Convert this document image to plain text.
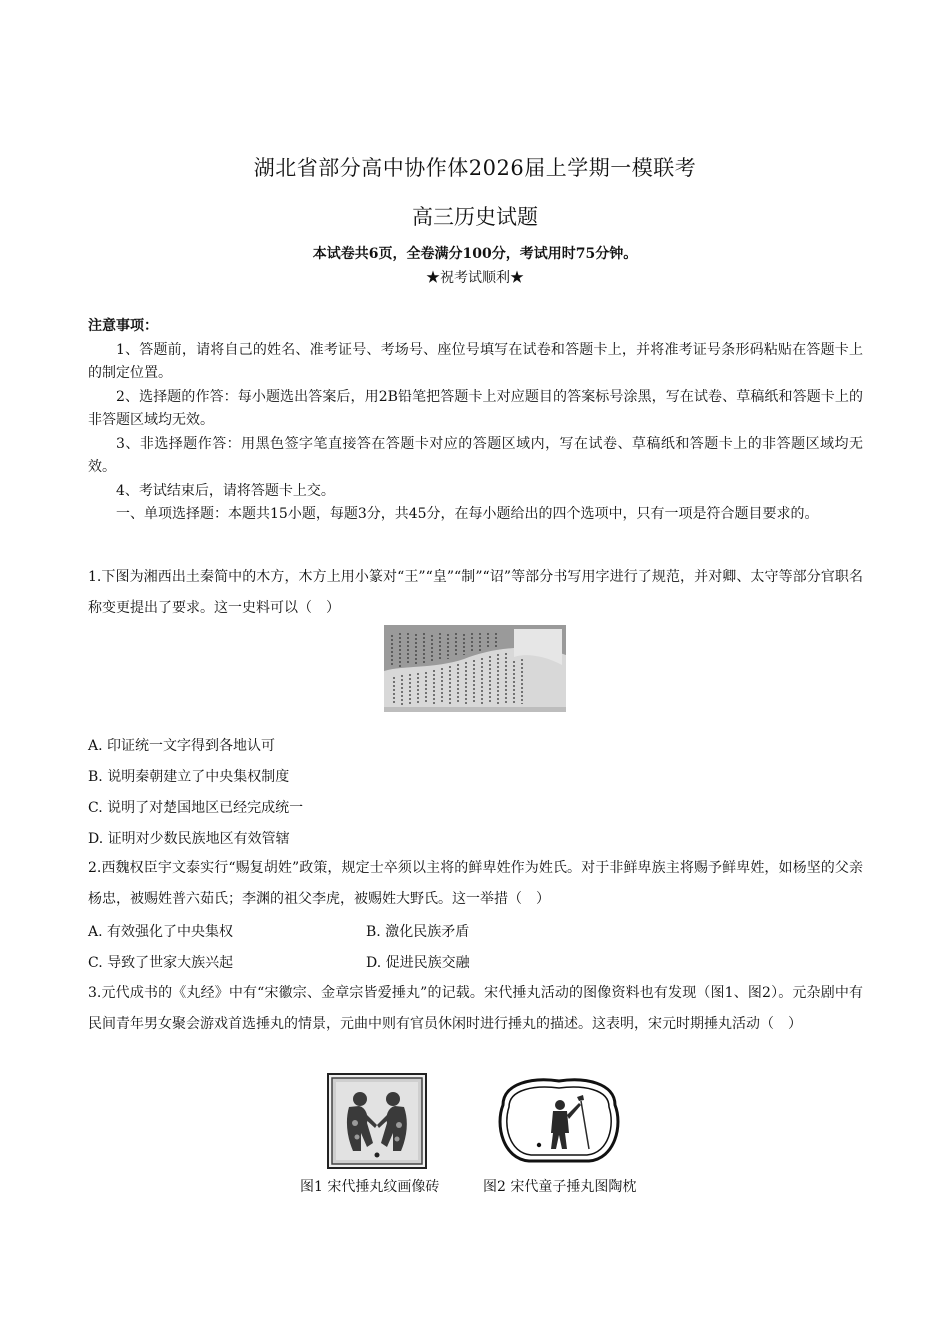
湖北省部分高中协作体2026届上学期一模联考
高三历史试题
本试卷共6页，全卷满分100分，考试用时75分钟。
★祝考试顺利★
注意事项：
1、答题前，请将自己的姓名、准考证号、考场号、座位号填写在试卷和答题卡上，并将准考证号条形码粘贴在答题卡上的制定位置。
2、选择题的作答：每小题选出答案后，用2B铅笔把答题卡上对应题目的答案标号涂黑，写在试卷、草稿纸和答题卡上的非答题区域均无效。
3、非选择题作答：用黑色签字笔直接答在答题卡对应的答题区域内，写在试卷、草稿纸和答题卡上的非答题区域均无效。
4、考试结束后，请将答题卡上交。
一、单项选择题：本题共15小题，每题3分，共45分，在每小题给出的四个选项中，只有一项是符合题目要求的。
1.下图为湘西出土秦简中的木方，木方上用小篆对“王”“皇”“制”“诏”等部分书写用字进行了规范，并对卿、太守等部分官职名称变更提出了要求。这一史料可以（　）
A. 印证统一文字得到各地认可
B. 说明秦朝建立了中央集权制度
C. 说明了对楚国地区已经完成统一
D. 证明对少数民族地区有效管辖
2.西魏权臣宇文泰实行“赐复胡姓”政策，规定士卒须以主将的鲜卑姓作为姓氏。对于非鲜卑族主将赐予鲜卑姓，如杨坚的父亲杨忠，被赐姓普六茹氏；李渊的祖父李虎，被赐姓大野氏。这一举措（　）
A. 有效强化了中央集权	B. 激化民族矛盾
C. 导致了世家大族兴起	D. 促进民族交融
3.元代成书的《丸经》中有“宋徽宗、金章宗皆爱捶丸”的记载。宋代捶丸活动的图像资料也有发现（图1、图2）。元杂剧中有民间青年男女聚会游戏首选捶丸的情景，元曲中则有官员休闲时进行捶丸的描述。这表明，宋元时期捶丸活动（　）
图1 宋代捶丸纹画像砖	图2 宋代童子捶丸图陶枕
